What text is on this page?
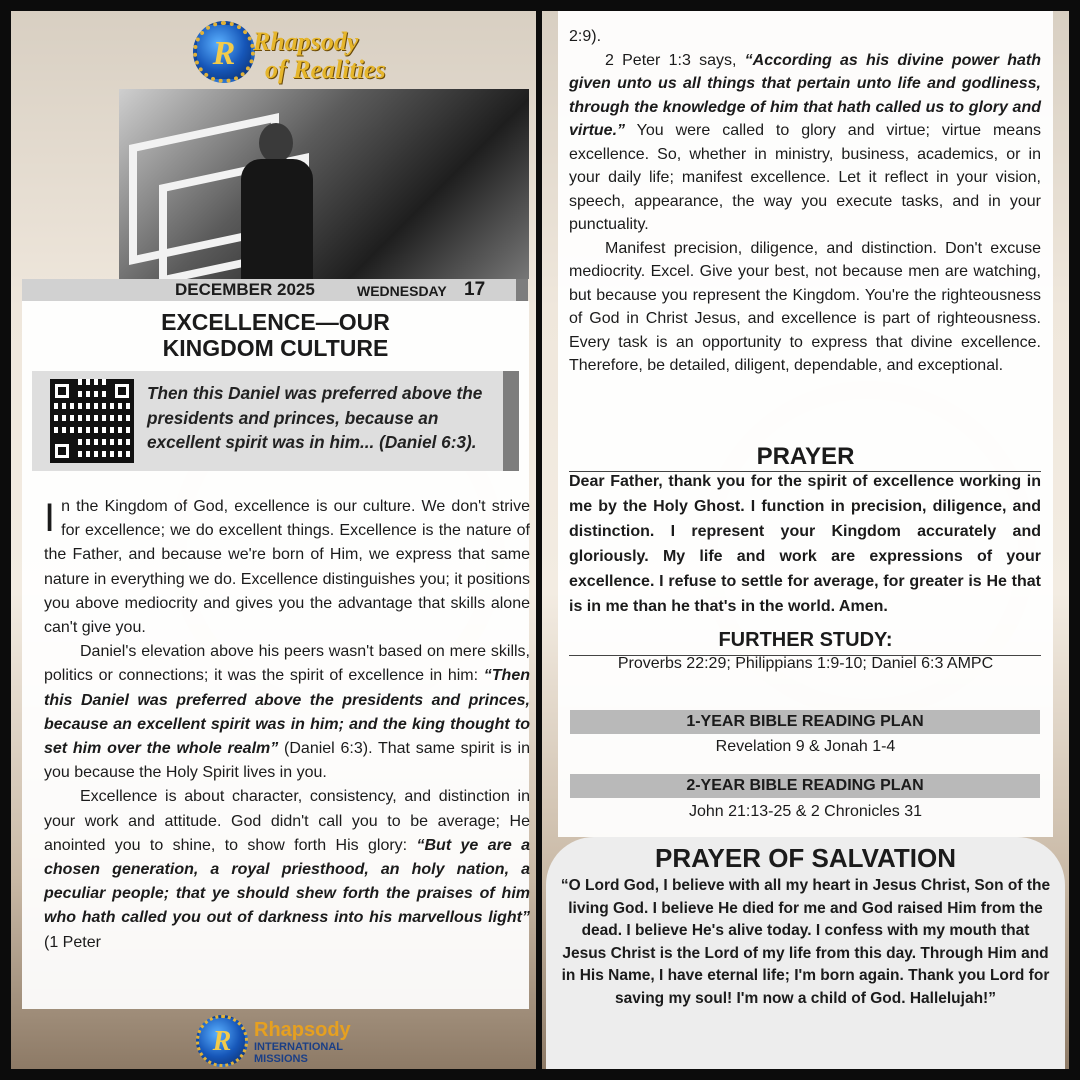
R Rhapsody
of Realities
DECEMBER 2025	WEDNESDAY 17
EXCELLENCE—OUR
KINGDOM CULTURE
Then this Daniel was preferred above the presidents and princes, because an excellent spirit was in him... (Daniel 6:3).

In the Kingdom of God, excellence is our culture. We don't strive for excellence; we do excellent things. Excellence is the nature of the Father, and because we're born of Him, we express that same nature in everything we do. Excellence distinguishes you; it positions you above mediocrity and gives you the advantage that skills alone can't give you.

Daniel's elevation above his peers wasn't based on mere skills, politics or connections; it was the spirit of excellence in him: “Then this Daniel was preferred above the presidents and princes, because an excellent spirit was in him; and the king thought to set him over the whole realm” (Daniel 6:3). That same spirit is in you because the Holy Spirit lives in you.

Excellence is about character, consistency, and distinction in your work and attitude. God didn't call you to be average; He anointed you to shine, to show forth His glory: “But ye are a chosen generation, a royal priesthood, an holy nation, a peculiar people; that ye should shew forth the praises of him who hath called you out of darkness into his marvellous light” (1 Peter

R	Rhapsody
INTERNATIONAL
MISSIONS

2:9).

2 Peter 1:3 says, “According as his divine power hath given unto us all things that pertain unto life and godliness, through the knowledge of him that hath called us to glory and virtue.” You were called to glory and virtue; virtue means excellence. So, whether in ministry, business, academics, or in your daily life; manifest excellence. Let it reflect in your vision, speech, appearance, the way you execute tasks, and in your punctuality.

Manifest precision, diligence, and distinction. Don't excuse mediocrity. Excel. Give your best, not because men are watching, but because you represent the Kingdom. You're the righteousness of God in Christ Jesus, and excellence is part of righteousness. Every task is an opportunity to express that divine excellence. Therefore, be detailed, diligent, dependable, and exceptional.

PRAYER
Dear Father, thank you for the spirit of excellence working in me by the Holy Ghost. I function in precision, diligence, and distinction. I represent your Kingdom accurately and gloriously. My life and work are expressions of your excellence. I refuse to settle for average, for greater is He that is in me than he that's in the world. Amen.
FURTHER STUDY:
Proverbs 22:29; Philippians 1:9-10; Daniel 6:3 AMPC
1-YEAR BIBLE READING PLAN
Revelation 9 & Jonah 1-4
2-YEAR BIBLE READING PLAN
John 21:13-25 & 2 Chronicles 31
PRAYER OF SALVATION
“O Lord God, I believe with all my heart in Jesus Christ, Son of the living God. I believe He died for me and God raised Him from the dead. I believe He's alive today. I confess with my mouth that Jesus Christ is the Lord of my life from this day. Through Him and in His Name, I have eternal life; I'm born again. Thank you Lord for saving my soul! I'm now a child of God. Hallelujah!”
